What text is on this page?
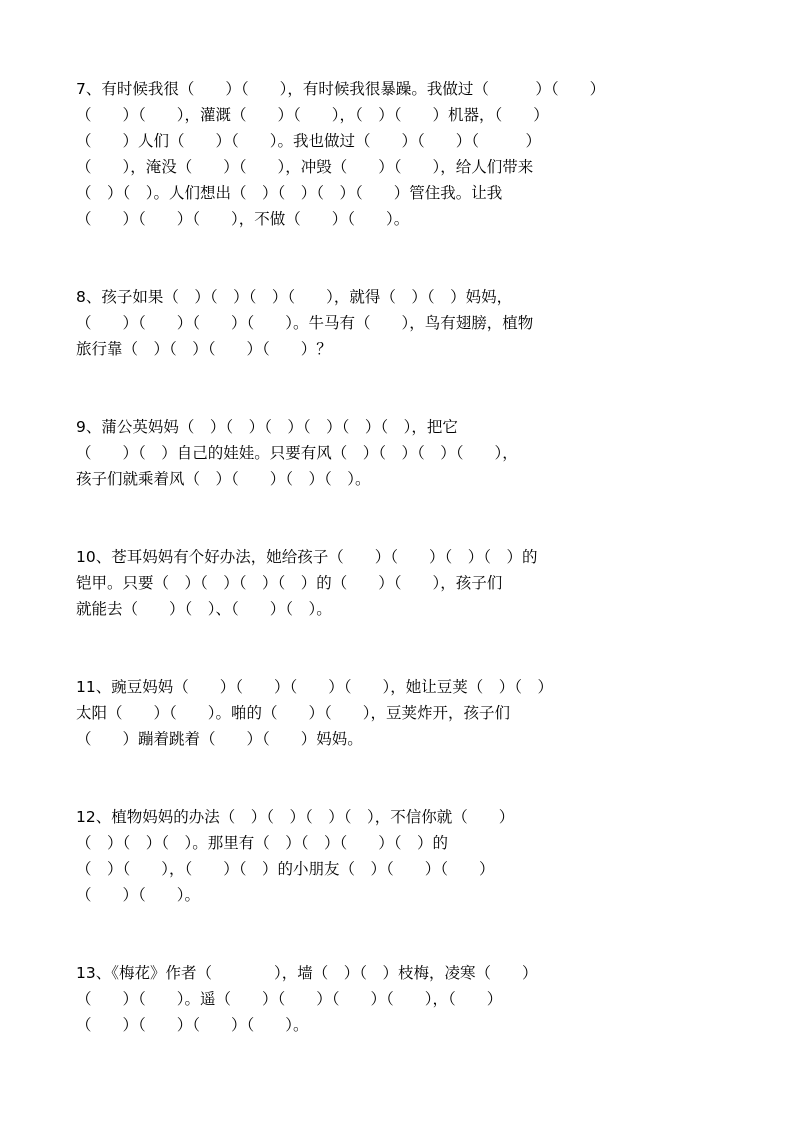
7、有时候我很（　　）（　　），有时候我很暴躁。我做过（　　　）（　　）
（　　）（　　），灌溉（　　）（　　），（　）（　　）机器，（　　）
（　　）人们（　　）（　　）。我也做过（　　）（　　）（　　　）
（　　），淹没（　　）（　　），冲毁（　　）（　　），给人们带来
（　）（　）。人们想出（　）（　）（　）（　　）管住我。让我
（　　）（　　）（　　），不做（　　）（　　）。
8、孩子如果（　）（　）（　）（　　），就得（　）（　）妈妈，
（　　）（　　）（　　）（　　）。牛马有（　　），鸟有翅膀，植物
旅行靠（　）（　）（　　）（　　）？
9、蒲公英妈妈（　）（　）（　）（　）（　）（　），把它
（　　）（　）自己的娃娃。只要有风（　）（　）（　）（　　），
孩子们就乘着风（　）（　　）（　）（　）。
10、苍耳妈妈有个好办法，她给孩子（　　）（　　）（　）（　）的
铠甲。只要（　）（　）（　）（　）的（　　）（　　），孩子们
就能去（　　）（　）、（　　）（　）。
11、豌豆妈妈（　　）（　　）（　　）（　　），她让豆荚（　）（　）
太阳（　　）（　　）。啪的（　　）（　　），豆荚炸开，孩子们
（　　）蹦着跳着（　　）（　　）妈妈。
12、植物妈妈的办法（　）（　）（　）（　），不信你就（　　）
（　）（　）（　）。那里有（　）（　）（　　）（　）的
（　）（　　），（　　）（　）的小朋友（　）（　　）（　　）
（　　）（　　）。
13、《梅花》作者（　　　　），墙（　）（　）枝梅，凌寒（　　）
（　　）（　　）。遥（　　）（　　）（　　）（　　），（　　）
（　　）（　　）（　　）（　　）。
